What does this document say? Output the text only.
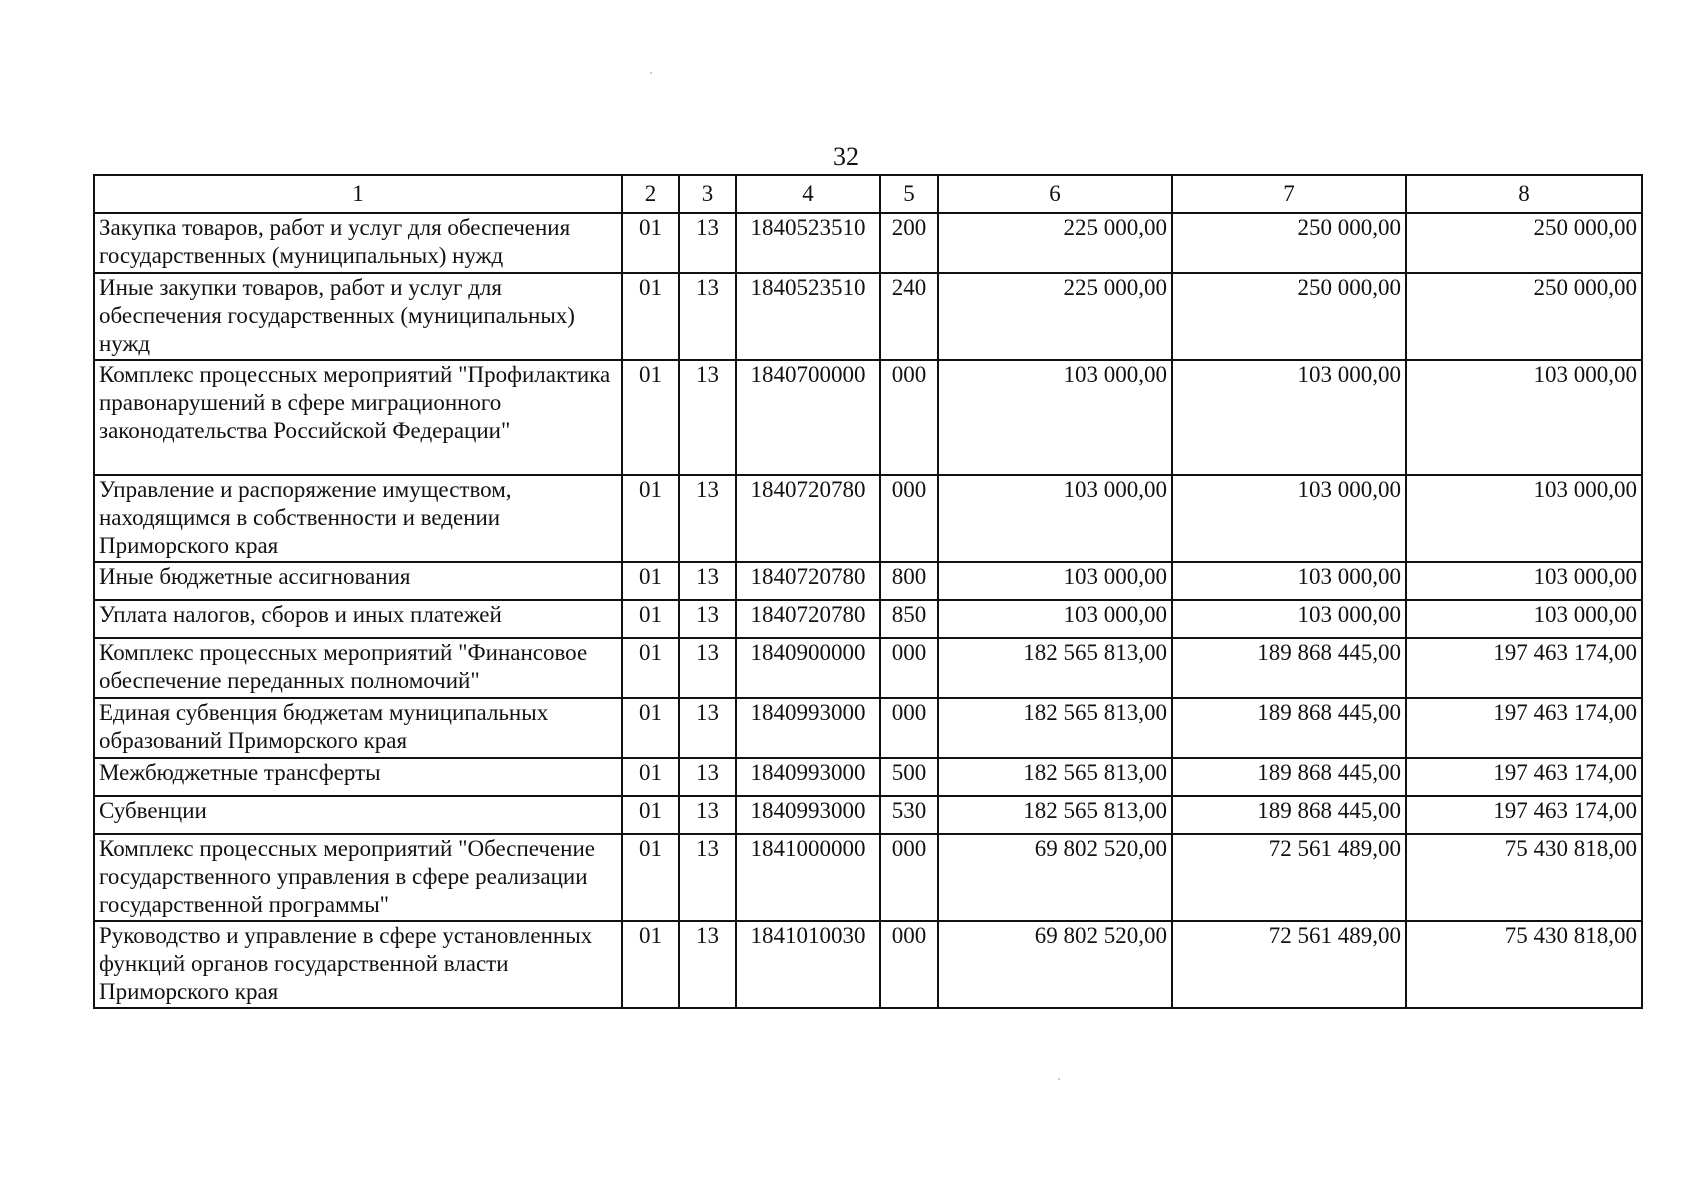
32
1	2	3	4	5	6	7	8
Закупка товаров, работ и услуг для обеспечения государственных (муниципальных) нужд	01	13	1840523510	200	225 000,00	250 000,00	250 000,00
Иные закупки товаров, работ и услуг для обеспечения государственных (муниципальных) нужд	01	13	1840523510	240	225 000,00	250 000,00	250 000,00
Комплекс процессных мероприятий "Профилактика правонарушений в сфере миграционного законодательства Российской Федерации"	01	13	1840700000	000	103 000,00	103 000,00	103 000,00
Управление и распоряжение имуществом, находящимся в собственности и ведении Приморского края	01	13	1840720780	000	103 000,00	103 000,00	103 000,00
Иные бюджетные ассигнования	01	13	1840720780	800	103 000,00	103 000,00	103 000,00
Уплата налогов, сборов и иных платежей	01	13	1840720780	850	103 000,00	103 000,00	103 000,00
Комплекс процессных мероприятий "Финансовое обеспечение переданных полномочий"	01	13	1840900000	000	182 565 813,00	189 868 445,00	197 463 174,00
Единая субвенция бюджетам муниципальных образований Приморского края	01	13	1840993000	000	182 565 813,00	189 868 445,00	197 463 174,00
Межбюджетные трансферты	01	13	1840993000	500	182 565 813,00	189 868 445,00	197 463 174,00
Субвенции	01	13	1840993000	530	182 565 813,00	189 868 445,00	197 463 174,00
Комплекс процессных мероприятий "Обеспечение государственного управления в сфере реализации государственной программы"	01	13	1841000000	000	69 802 520,00	72 561 489,00	75 430 818,00
Руководство и управление в сфере установленных функций органов государственной власти Приморского края	01	13	1841010030	000	69 802 520,00	72 561 489,00	75 430 818,00
